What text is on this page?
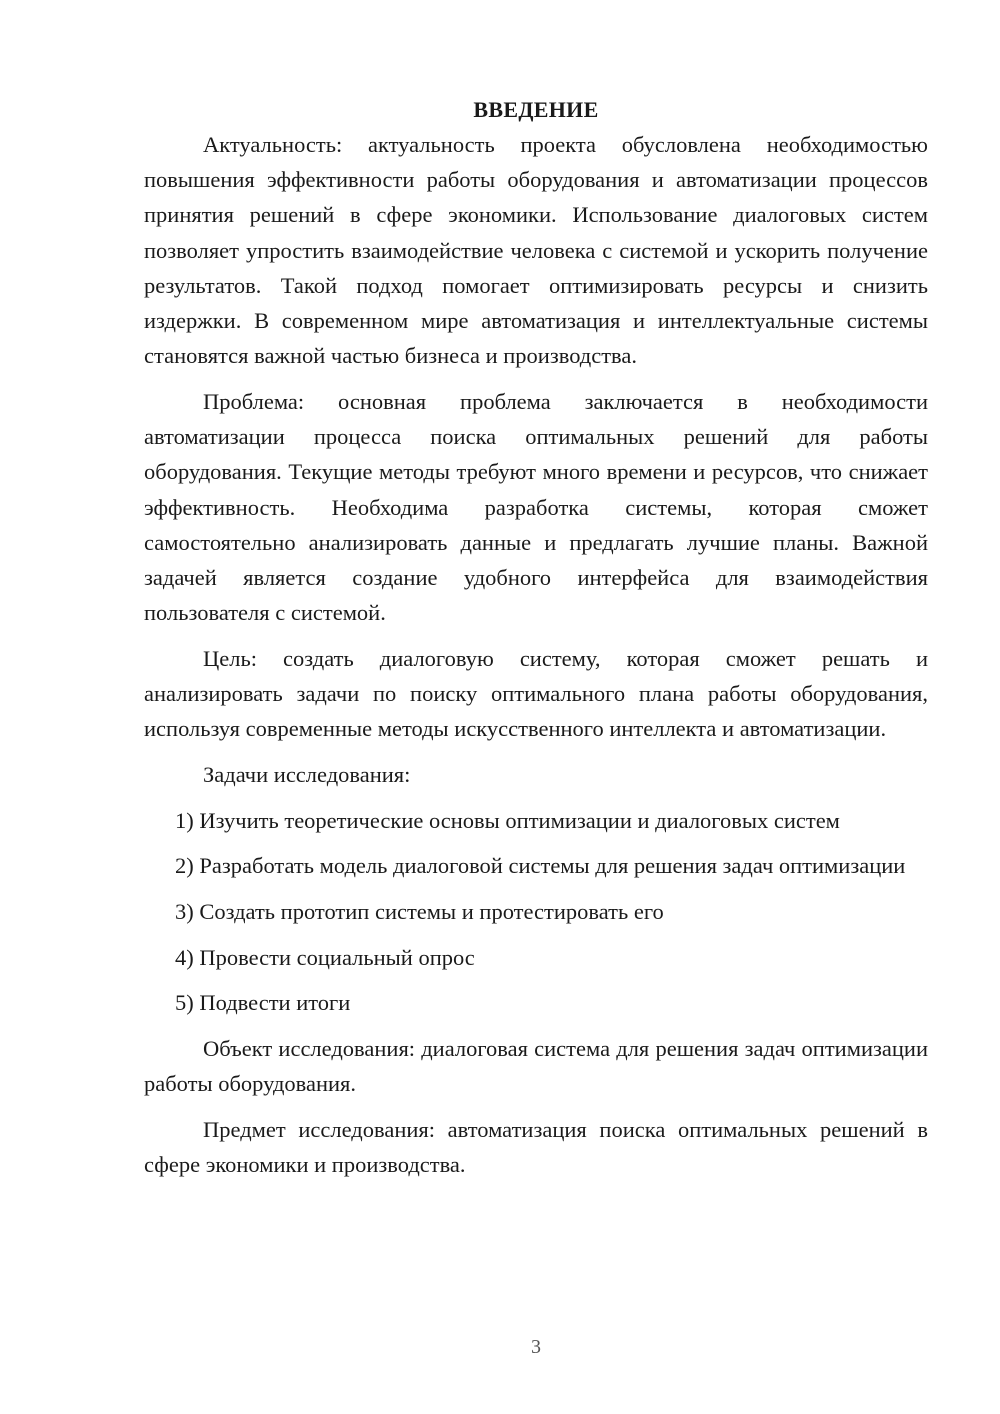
ВВЕДЕНИЕ

Актуальность: актуальность проекта обусловлена необходимостью повышения эффективности работы оборудования и автоматизации процессов принятия решений в сфере экономики. Использование диалоговых систем позволяет упростить взаимодействие человека с системой и ускорить получение результатов. Такой подход помогает оптимизировать ресурсы и снизить издержки. В современном мире автоматизация и интеллектуальные системы становятся важной частью бизнеса и производства.

Проблема: основная проблема заключается в необходимости автоматизации процесса поиска оптимальных решений для работы оборудования. Текущие методы требуют много времени и ресурсов, что снижает эффективность. Необходима разработка системы, которая сможет самостоятельно анализировать данные и предлагать лучшие планы. Важной задачей является создание удобного интерфейса для взаимодействия пользователя с системой.

Цель: создать диалоговую систему, которая сможет решать и анализировать задачи по поиску оптимального плана работы оборудования, используя современные методы искусственного интеллекта и автоматизации.

Задачи исследования:

1) Изучить теоретические основы оптимизации и диалоговых систем

2) Разработать модель диалоговой системы для решения задач оптимизации

3) Создать прототип системы и протестировать его

4) Провести социальный опрос

5) Подвести итоги

Объект исследования: диалоговая система для решения задач оптимизации работы оборудования.

Предмет исследования: автоматизация поиска оптимальных решений в сфере экономики и производства.

3
